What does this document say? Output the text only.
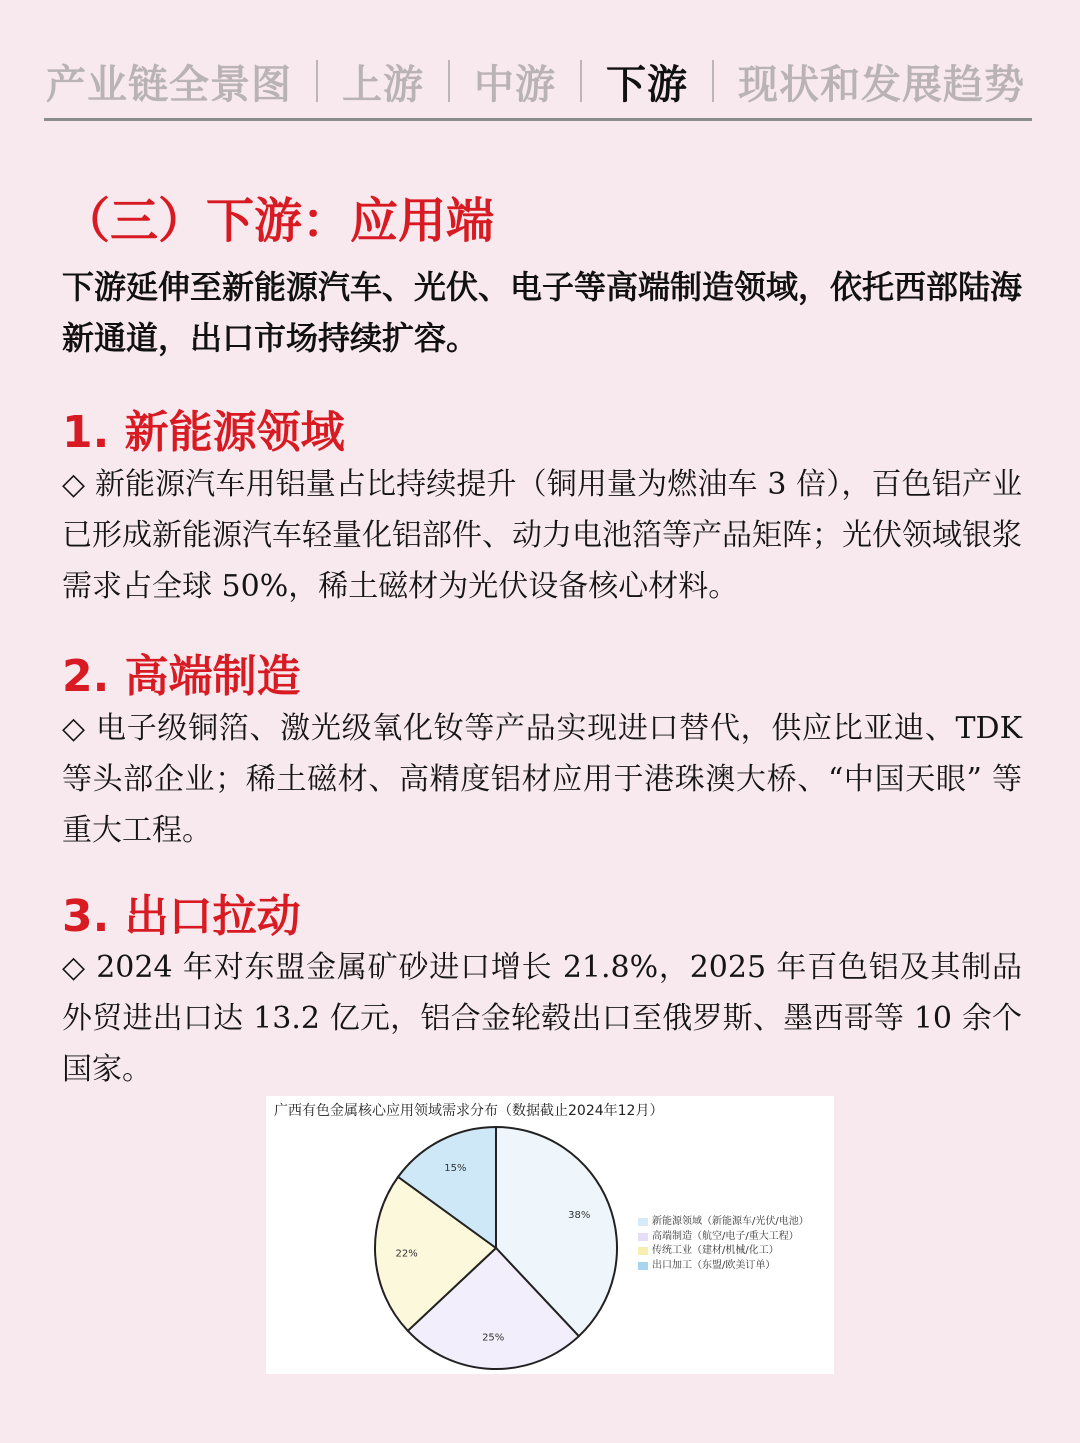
产业链全景图 上游 中游 下游 现状和发展趋势
（三）下游：应用端
下游延伸至新能源汽车、光伏、电子等高端制造领域，依托西部陆海新通道，出口市场持续扩容。
1. 新能源领域
◇ 新能源汽车用铝量占比持续提升（铜用量为燃油车 3 倍），百色铝产业已形成新能源汽车轻量化铝部件、动力电池箔等产品矩阵；光伏领域银浆需求占全球 50%，稀土磁材为光伏设备核心材料。
2. 高端制造
◇ 电子级铜箔、激光级氧化钕等产品实现进口替代，供应比亚迪、TDK 等头部企业；稀土磁材、高精度铝材应用于港珠澳大桥、“中国天眼” 等重大工程。
3. 出口拉动
◇ 2024 年对东盟金属矿砂进口增长 21.8%，2025 年百色铝及其制品外贸进出口达 13.2 亿元，铝合金轮毂出口至俄罗斯、墨西哥等 10 余个国家。
广西有色金属核心应用领域需求分布（数据截止2024年12月）
38%
25%
22%
15%
新能源领域（新能源车/光伏/电池）
高端制造（航空/电子/重大工程）
传统工业（建材/机械/化工）
出口加工（东盟/欧美订单）
